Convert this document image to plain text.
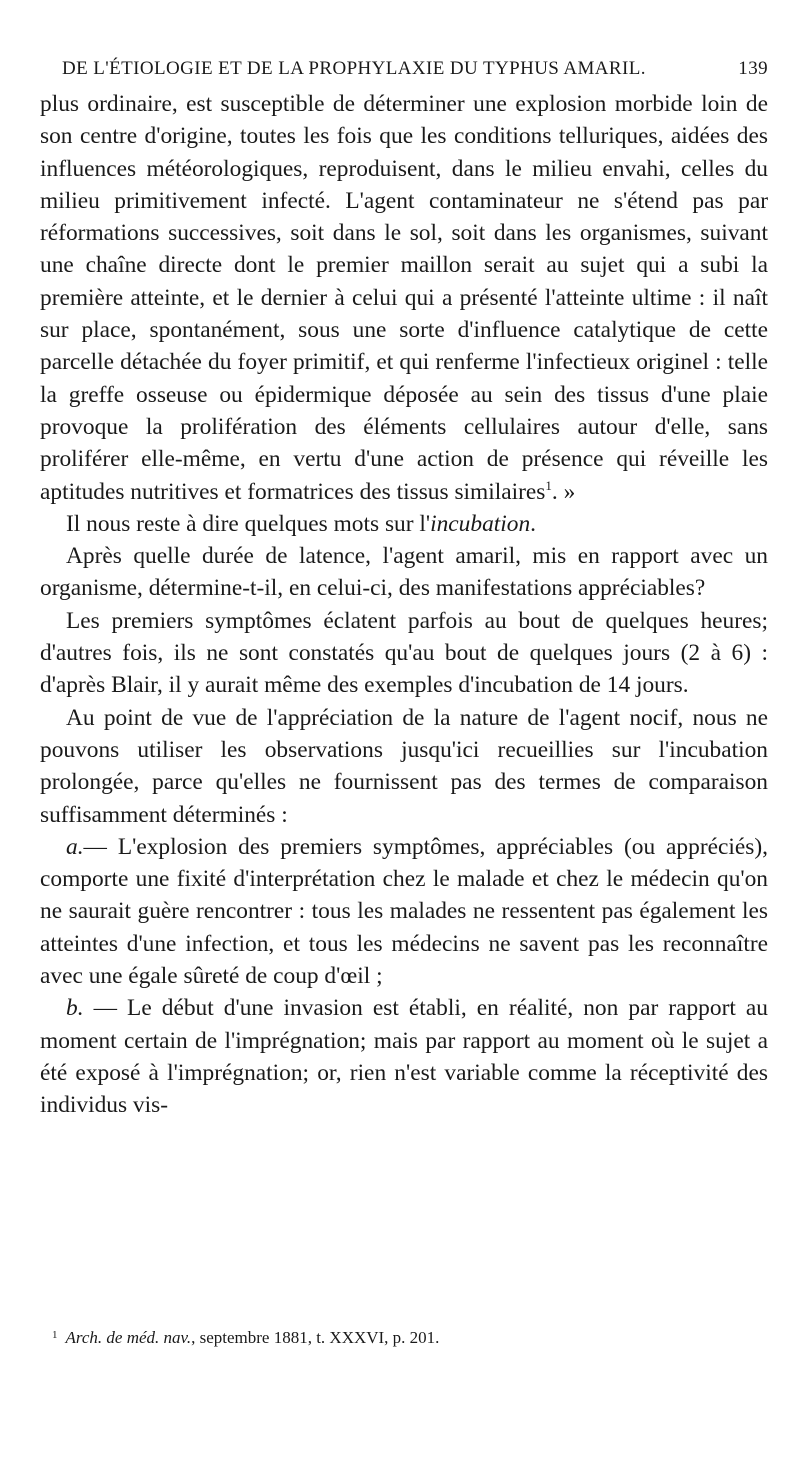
DE L'ÉTIOLOGIE ET DE LA PROPHYLAXIE DU TYPHUS AMARIL.	139

plus ordinaire, est susceptible de déterminer une explosion morbide loin de son centre d'origine, toutes les fois que les conditions telluriques, aidées des influences météorologiques, reproduisent, dans le milieu envahi, celles du milieu primitivement infecté. L'agent contaminateur ne s'étend pas par réformations successives, soit dans le sol, soit dans les organismes, suivant une chaîne directe dont le premier maillon serait au sujet qui a subi la première atteinte, et le dernier à celui qui a présenté l'atteinte ultime : il naît sur place, spontanément, sous une sorte d'influence catalytique de cette parcelle détachée du foyer primitif, et qui renferme l'infectieux originel : telle la greffe osseuse ou épidermique déposée au sein des tissus d'une plaie provoque la prolifération des éléments cellulaires autour d'elle, sans proliférer elle-même, en vertu d'une action de présence qui réveille les aptitudes nutritives et formatrices des tissus similaires$^1$. »

Il nous reste à dire quelques mots sur l'incubation.

Après quelle durée de latence, l'agent amaril, mis en rapport avec un organisme, détermine-t-il, en celui-ci, des manifestations appréciables?

Les premiers symptômes éclatent parfois au bout de quelques heures; d'autres fois, ils ne sont constatés qu'au bout de quelques jours (2 à 6) : d'après Blair, il y aurait même des exemples d'incubation de 14 jours.

Au point de vue de l'appréciation de la nature de l'agent nocif, nous ne pouvons utiliser les observations jusqu'ici recueillies sur l'incubation prolongée, parce qu'elles ne fournissent pas des termes de comparaison suffisamment déterminés :

a.— L'explosion des premiers symptômes, appréciables (ou appréciés), comporte une fixité d'interprétation chez le malade et chez le médecin qu'on ne saurait guère rencontrer : tous les malades ne ressentent pas également les atteintes d'une infection, et tous les médecins ne savent pas les reconnaître avec une égale sûreté de coup d'œil ;

b. — Le début d'une invasion est établi, en réalité, non par rapport au moment certain de l'imprégnation; mais par rapport au moment où le sujet a été exposé à l'imprégnation; or, rien n'est variable comme la réceptivité des individus vis-

$^1$ Arch. de méd. nav., septembre 1881, t. XXXVI, p. 201.
